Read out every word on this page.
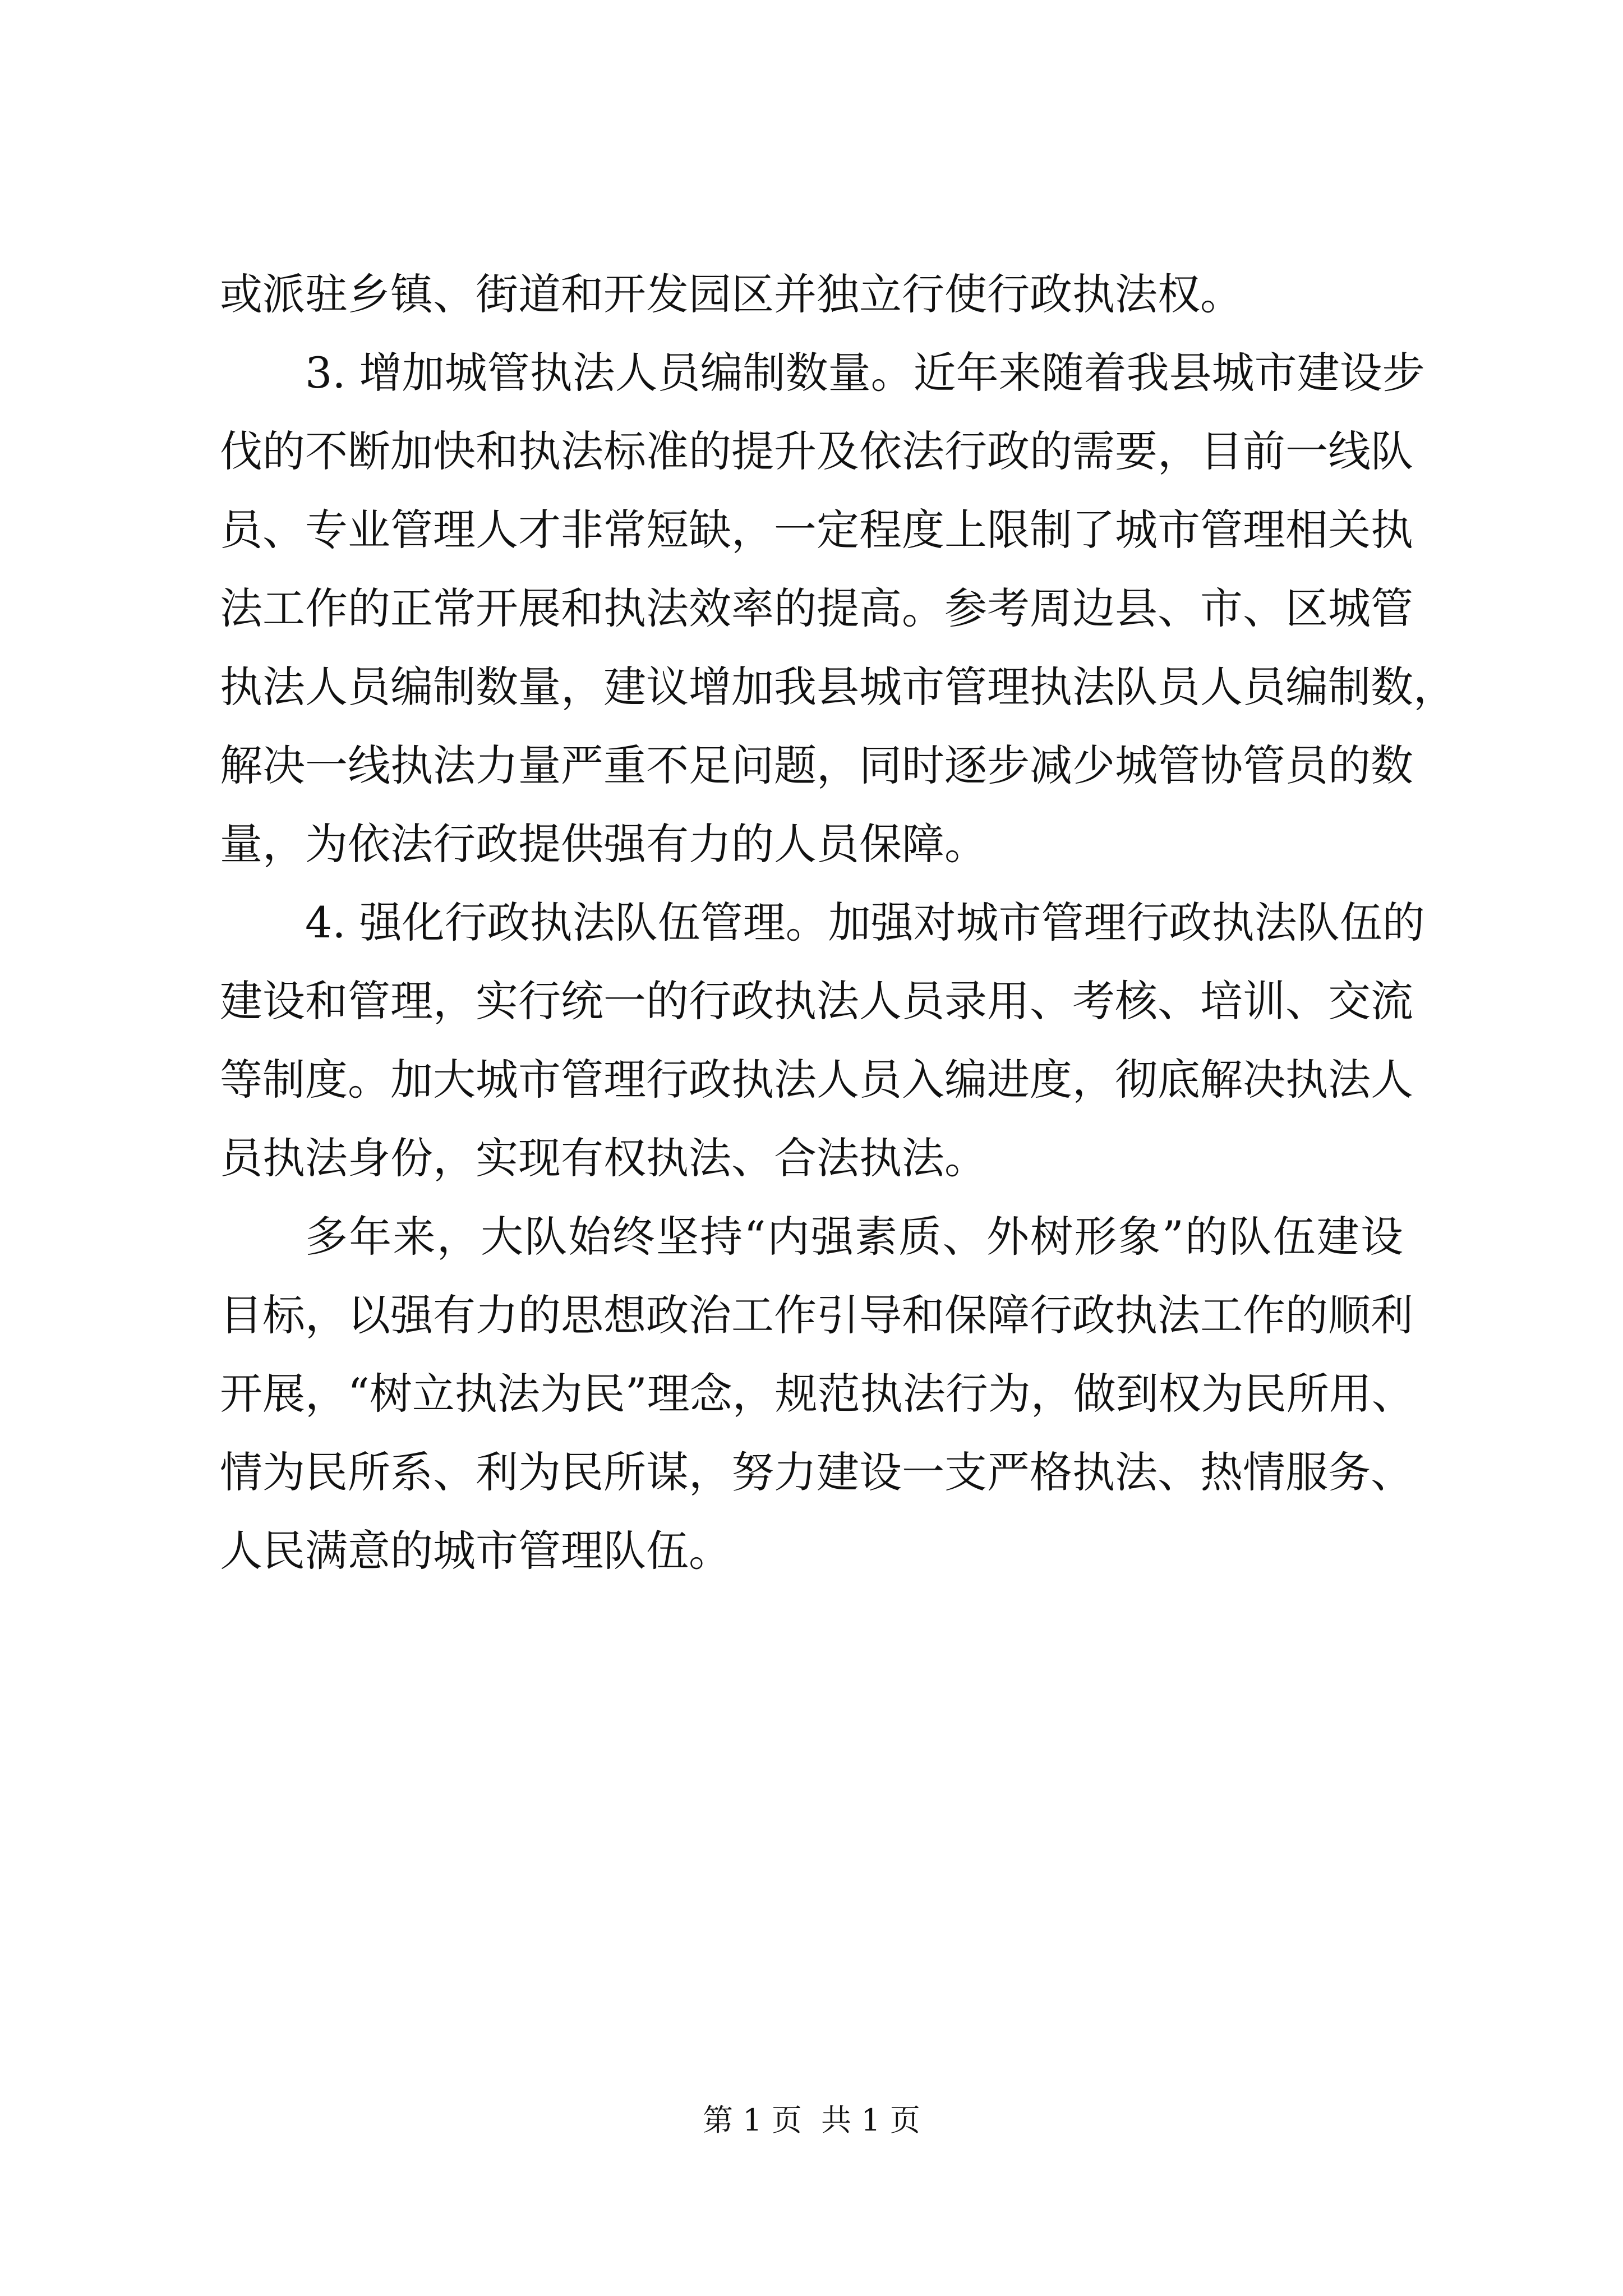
或派驻乡镇、街道和开发园区并独立行使行政执法权。
3. 增加城管执法人员编制数量。近年来随着我县城市建设步
伐的不断加快和执法标准的提升及依法行政的需要，目前一线队
员、专业管理人才非常短缺，一定程度上限制了城市管理相关执
法工作的正常开展和执法效率的提高。参考周边县、市、区城管
执法人员编制数量，建议增加我县城市管理执法队员人员编制数，
解决一线执法力量严重不足问题，同时逐步减少城管协管员的数
量，为依法行政提供强有力的人员保障。
4. 强化行政执法队伍管理。加强对城市管理行政执法队伍的
建设和管理，实行统一的行政执法人员录用、考核、培训、交流
等制度。加大城市管理行政执法人员入编进度，彻底解决执法人
员执法身份，实现有权执法、合法执法。
多年来，大队始终坚持“内强素质、外树形象”的队伍建设
目标，以强有力的思想政治工作引导和保障行政执法工作的顺利
开展，“树立执法为民”理念，规范执法行为，做到权为民所用、
情为民所系、利为民所谋，努力建设一支严格执法、热情服务、
人民满意的城市管理队伍。
第 1 页  共 1 页
